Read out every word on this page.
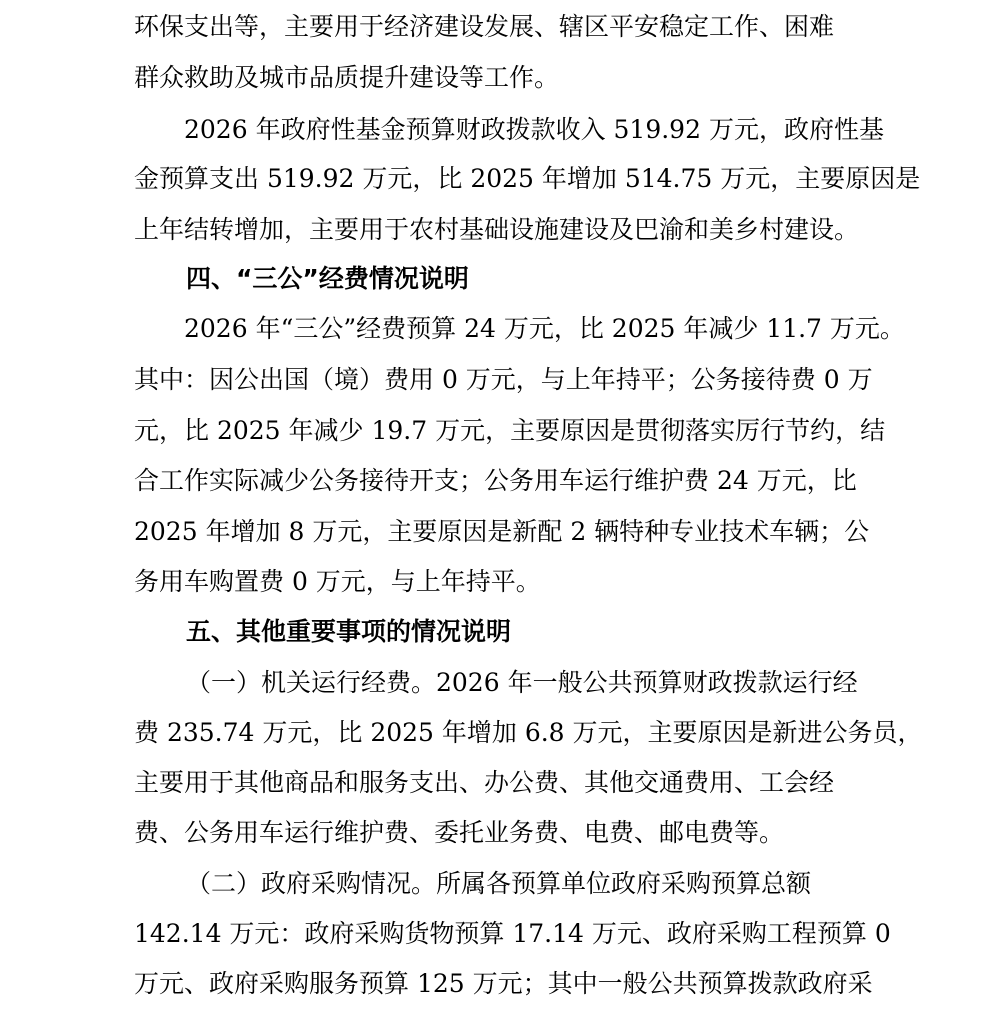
环保支出等，主要用于经济建设发展、辖区平安稳定工作、困难
群众救助及城市品质提升建设等工作。
2026 年政府性基金预算财政拨款收入 519.92 万元，政府性基
金预算支出 519.92 万元，比 2025 年增加 514.75 万元，主要原因是
上年结转增加，主要用于农村基础设施建设及巴渝和美乡村建设。
四、“三公”经费情况说明
2026 年“三公”经费预算 24 万元，比 2025 年减少 11.7 万元。
其中：因公出国（境）费用 0 万元，与上年持平；公务接待费 0 万
元，比 2025 年减少 19.7 万元，主要原因是贯彻落实厉行节约，结
合工作实际减少公务接待开支；公务用车运行维护费 24 万元，比
2025 年增加 8 万元，主要原因是新配 2 辆特种专业技术车辆；公
务用车购置费 0 万元，与上年持平。
五、其他重要事项的情况说明
（一）机关运行经费。2026 年一般公共预算财政拨款运行经
费 235.74 万元，比 2025 年增加 6.8 万元，主要原因是新进公务员，
主要用于其他商品和服务支出、办公费、其他交通费用、工会经
费、公务用车运行维护费、委托业务费、电费、邮电费等。
（二）政府采购情况。所属各预算单位政府采购预算总额
142.14 万元：政府采购货物预算 17.14 万元、政府采购工程预算 0
万元、政府采购服务预算 125 万元；其中一般公共预算拨款政府采
